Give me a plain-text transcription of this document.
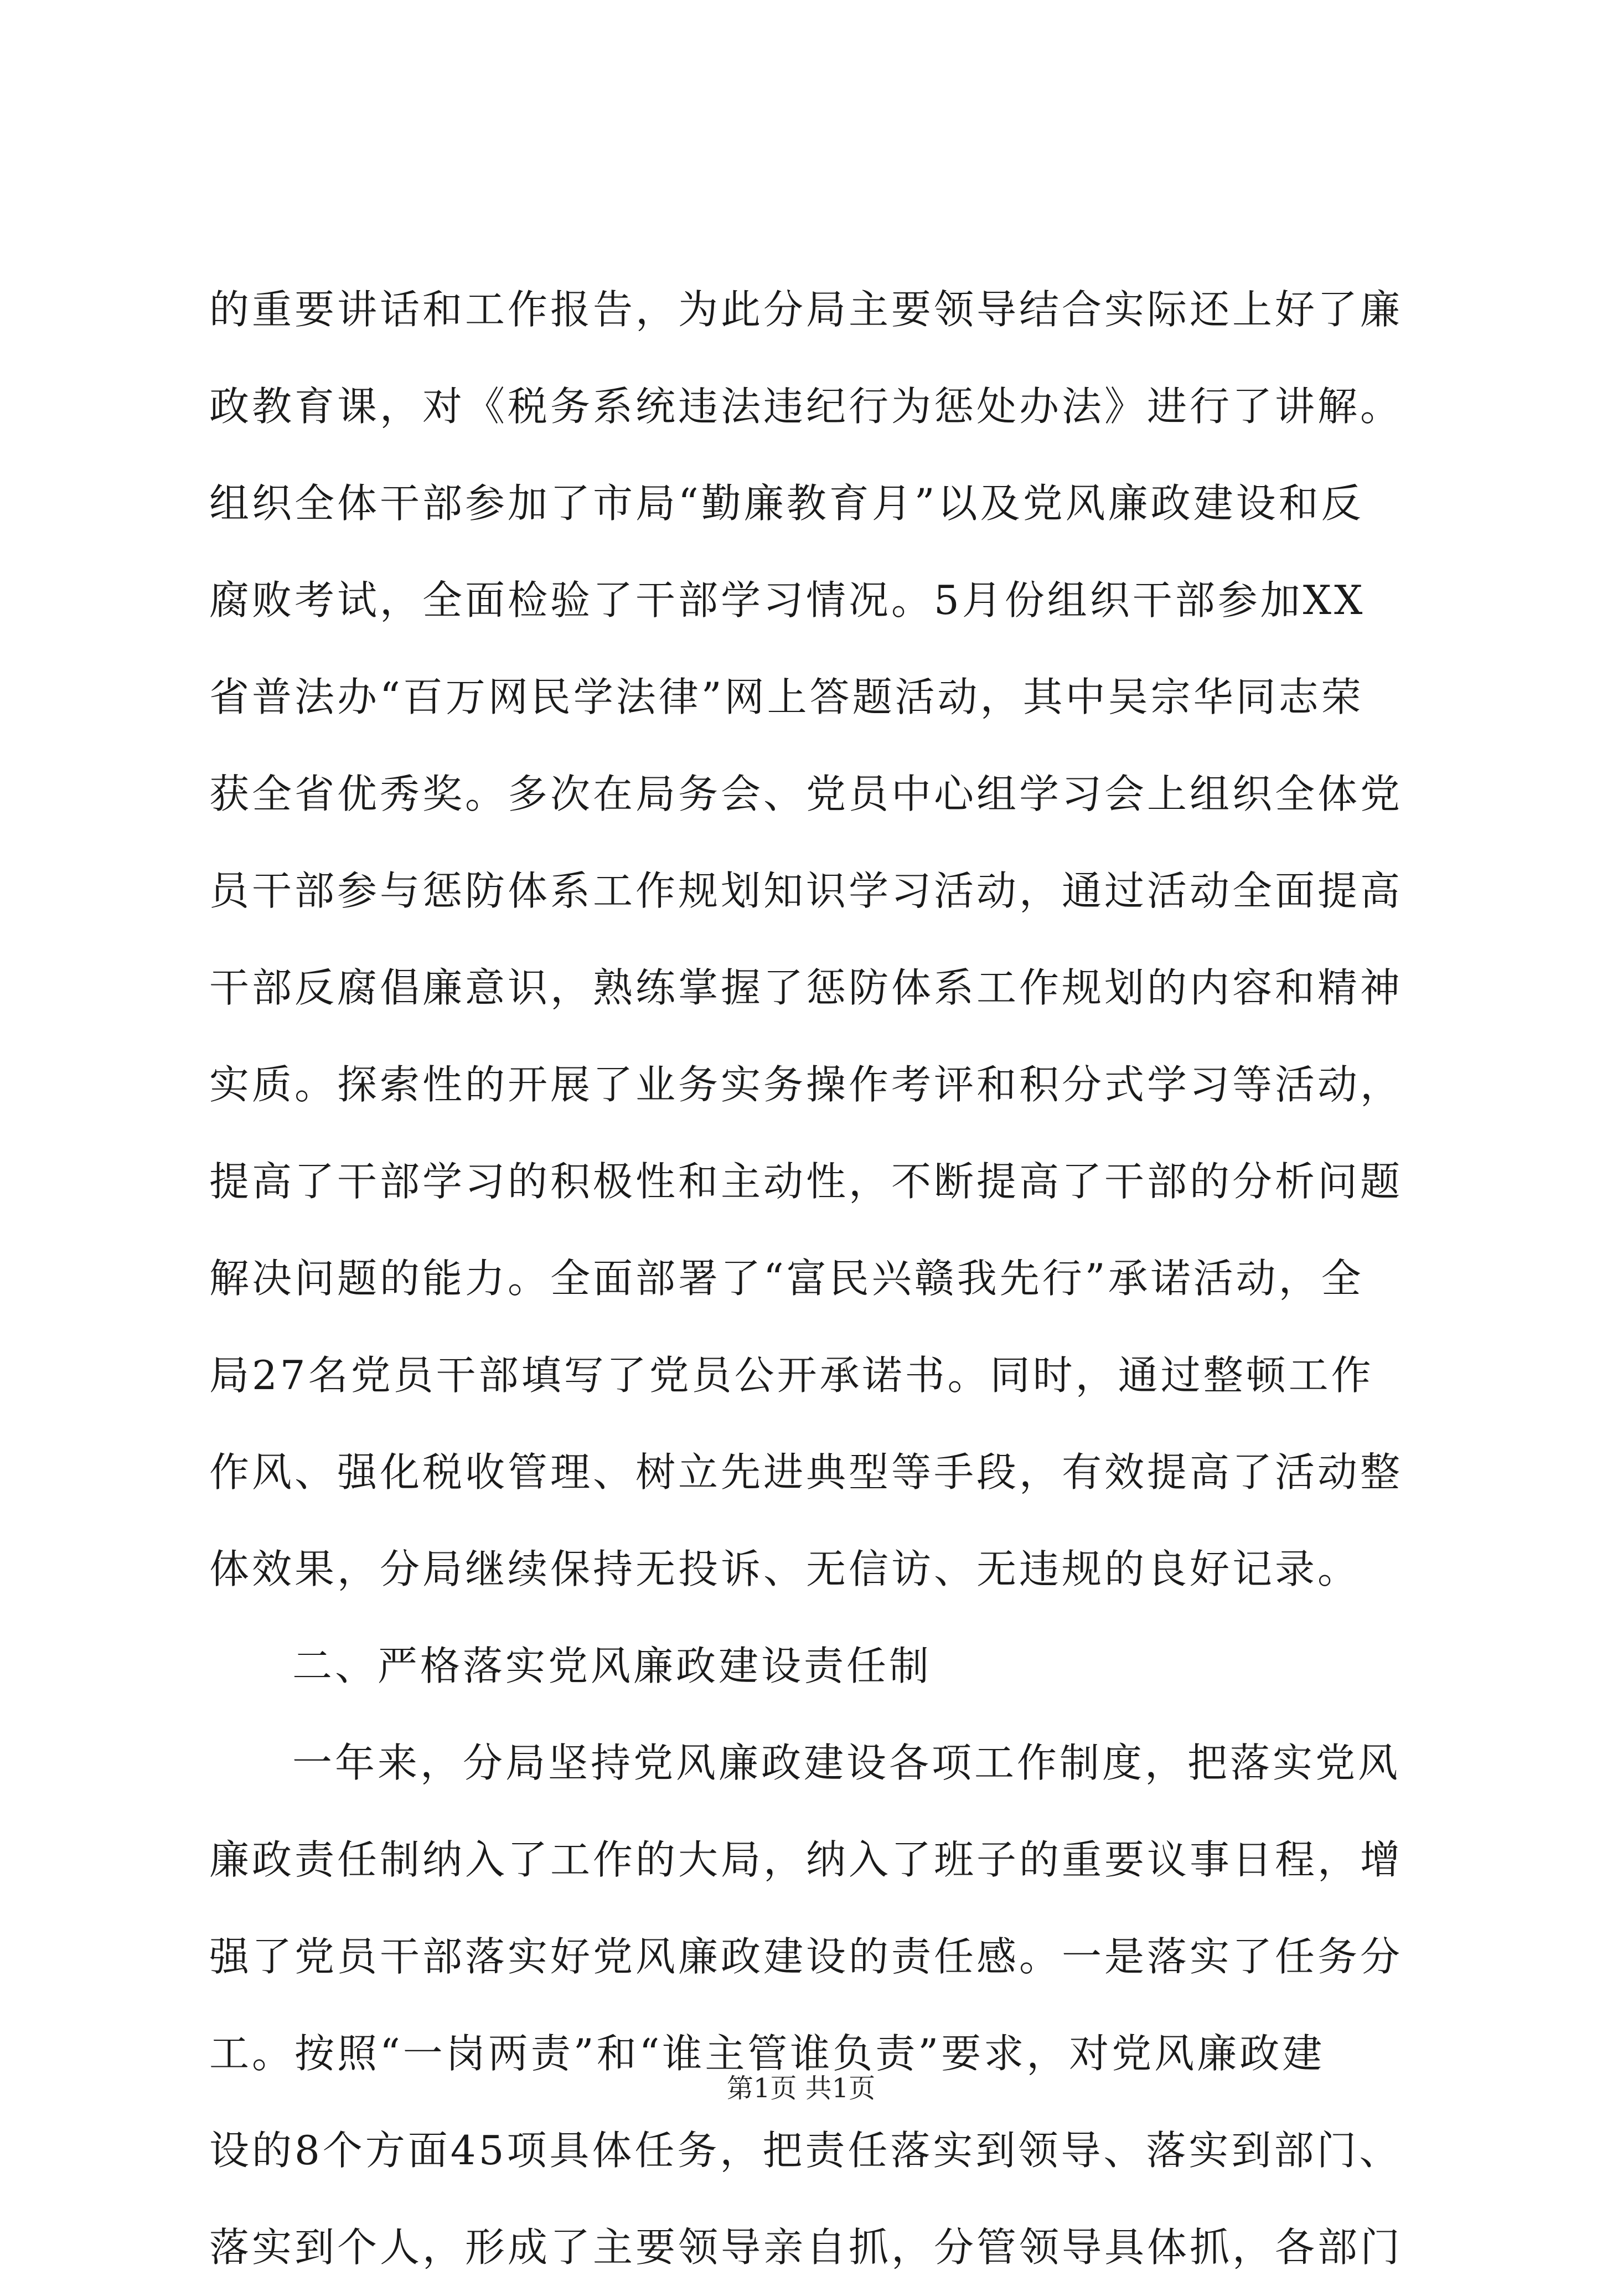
的重要讲话和工作报告，为此分局主要领导结合实际还上好了廉
政教育课，对《税务系统违法违纪行为惩处办法》进行了讲解。
组织全体干部参加了市局“勤廉教育月”以及党风廉政建设和反
腐败考试，全面检验了干部学习情况。5月份组织干部参加XX
省普法办“百万网民学法律”网上答题活动，其中吴宗华同志荣
获全省优秀奖。多次在局务会、党员中心组学习会上组织全体党
员干部参与惩防体系工作规划知识学习活动，通过活动全面提高
干部反腐倡廉意识，熟练掌握了惩防体系工作规划的内容和精神
实质。探索性的开展了业务实务操作考评和积分式学习等活动，
提高了干部学习的积极性和主动性，不断提高了干部的分析问题
解决问题的能力。全面部署了“富民兴赣我先行”承诺活动，全
局27名党员干部填写了党员公开承诺书。同时，通过整顿工作
作风、强化税收管理、树立先进典型等手段，有效提高了活动整
体效果，分局继续保持无投诉、无信访、无违规的良好记录。
二、严格落实党风廉政建设责任制
一年来，分局坚持党风廉政建设各项工作制度，把落实党风
廉政责任制纳入了工作的大局，纳入了班子的重要议事日程，增
强了党员干部落实好党风廉政建设的责任感。一是落实了任务分
工。按照“一岗两责”和“谁主管谁负责”要求，对党风廉政建
设的8个方面45项具体任务，把责任落实到领导、落实到部门、
落实到个人，形成了主要领导亲自抓，分管领导具体抓，各部门
第1页 共1页
